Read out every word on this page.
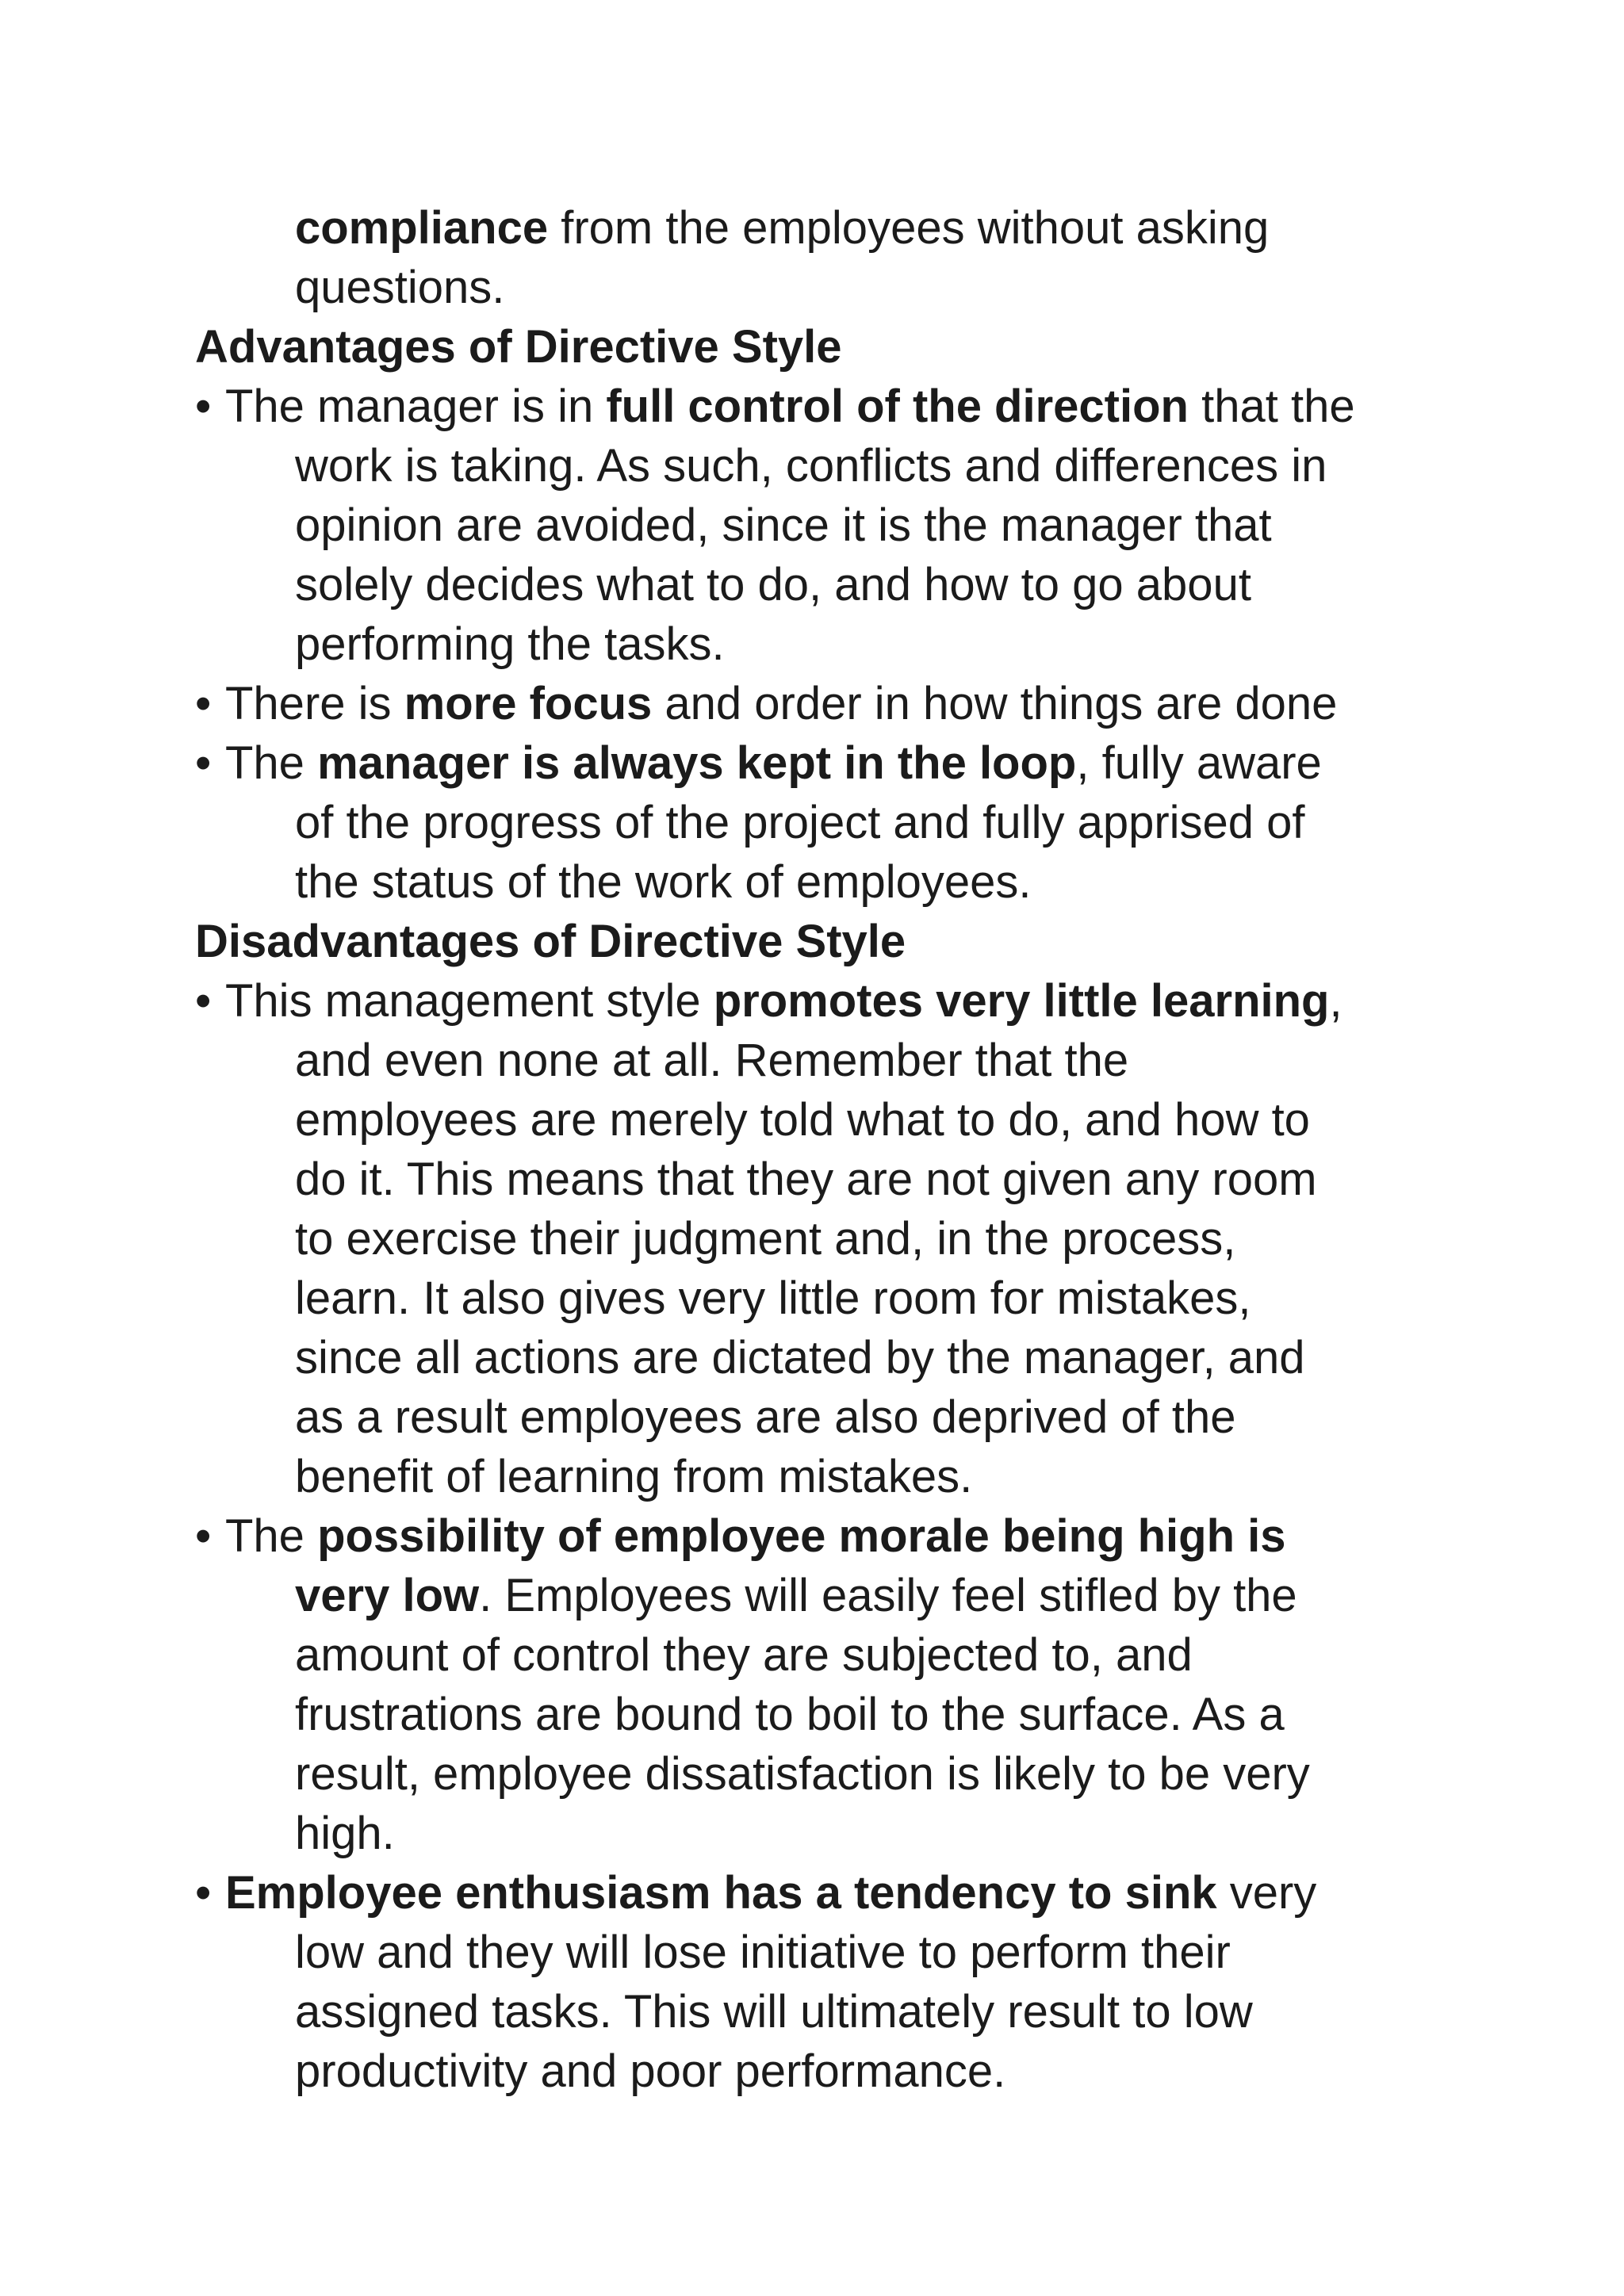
compliance from the employees without asking
questions.

Advantages of Directive Style
• The manager is in full control of the direction that the
work is taking. As such, conflicts and differences in
opinion are avoided, since it is the manager that
solely decides what to do, and how to go about
performing the tasks.
• There is more focus and order in how things are done
• The manager is always kept in the loop, fully aware
of the progress of the project and fully apprised of
the status of the work of employees.
Disadvantages of Directive Style
• This management style promotes very little learning,
and even none at all. Remember that the
employees are merely told what to do, and how to
do it. This means that they are not given any room
to exercise their judgment and, in the process,
learn. It also gives very little room for mistakes,
since all actions are dictated by the manager, and
as a result employees are also deprived of the
benefit of learning from mistakes.
• The possibility of employee morale being high is
very low. Employees will easily feel stifled by the
amount of control they are subjected to, and
frustrations are bound to boil to the surface. As a
result, employee dissatisfaction is likely to be very
high.
• Employee enthusiasm has a tendency to sink very
low and they will lose initiative to perform their
assigned tasks. This will ultimately result to low
productivity and poor performance.
